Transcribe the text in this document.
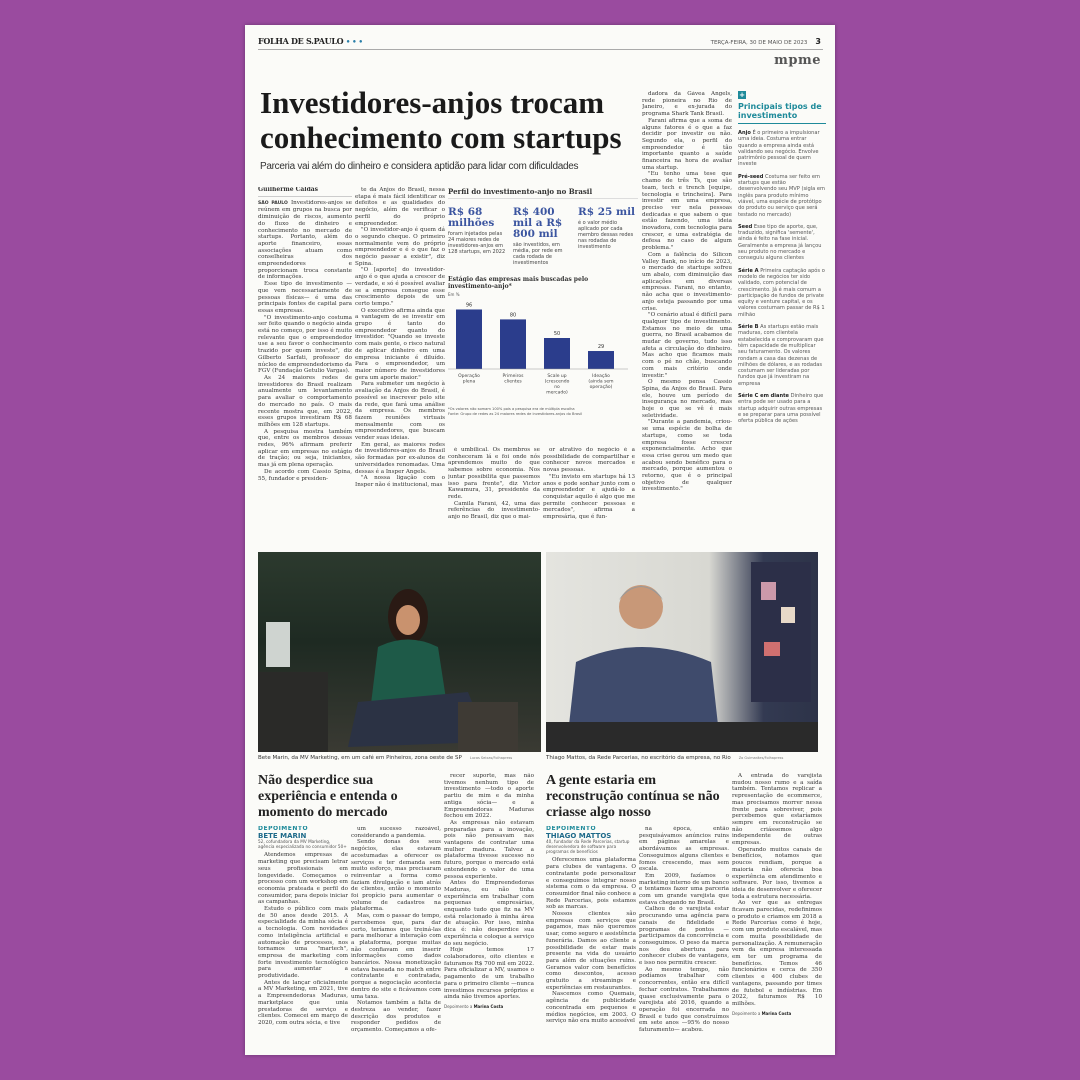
FOLHA DE S.PAULO • • •	TERÇA-FEIRA, 30 DE MAIO DE 2023 3
mpme
Investidores-anjos trocam conhecimento com startups
Parceria vai além do dinheiro e considera aptidão para lidar com dificuldades
Guilherme Caldas

SÃO PAULO Investidores-anjos se reúnem em grupos na busca por diminuição de riscos, aumento do fluxo de dinheiro e conhecimento no mercado de startups. Portanto, além do aporte financeiro, essas associações atuam como conselheiras dos empreendedores e proporcionam troca constante de informações.

Esse tipo de investimento —que vem necessariamente de pessoas físicas— é uma das principais fontes de capital para essas empresas.

"O investimento-anjo costuma ser feito quando o negócio ainda está no começo, por isso é muito relevante que o empreendedor use a seu favor o conhecimento trazido por quem investe", diz Gilberto Sarfati, professor do núcleo de empreendedorismo da FGV (Fundação Getulio Vargas).

As 24 maiores redes de investidores do Brasil realizam anualmente um levantamento para avaliar o comportamento do mercado no país. O mais recente mostra que, em 2022, esses grupos investiram R$ 68 milhões em 128 startups.

A pesquisa mostra também que, entre os membros dessas redes, 96% afirmam preferir aplicar em empresas no estágio de tração; ou seja, iniciantes, mas já em plena operação.

De acordo com Cassio Spina, 55, fundador e presiden-

te da Anjos do Brasil, nessa etapa é mais fácil identificar os defeitos e as qualidades do negócio, além de verificar o perfil do próprio empreendedor.

"O investidor-anjo é quem dá o segundo cheque. O primeiro normalmente vem do próprio empreendedor e é o que faz o negócio passar a existir", diz Spina.

"O [aporte] do investidor-anjo é o que ajuda a crescer de verdade, e só é possível avaliar se a empresa consegue esse crescimento depois de um certo tempo."

O executivo afirma ainda que a vantagem de se investir em grupo é tanto do empreendedor quanto do investidor. "Quando se investe com mais gente, o risco natural de aplicar dinheiro em uma empresa iniciante é diluído. Para o empreendedor, um maior número de investidores gera um aporte maior."

Para submeter um negócio à avaliação da Anjos do Brasil, é possível se inscrever pelo site da rede, que fará uma análise da empresa. Os membros fazem reuniões virtuais mensalmente com os empreendedores, que buscam vender suas ideias.

Em geral, as maiores redes de investidores-anjos do Brasil são formadas por ex-alunos de universidades renomadas. Uma dessas é a Insper Angels.

"A nossa ligação com o Insper não é institucional, mas

Perfil do investimento-anjo no Brasil
R$ 68 milhões
foram injetados pelas 24 maiores redes de investidores-anjos em 128 startups, em 2022
R$ 400 mil a R$ 800 mil
são investidos, em média, por rede em cada rodada de investimentos
R$ 25 mil
é o valor médio aplicado por cada membro dessas redes nas rodadas de investimento
Estágio das empresas mais buscadas pelo investimento-anjo*
Em %
96
Operação plena
80
Primeiros clientes
50
Scale up (crescendo no mercado)
29
Ideação (ainda sem operação)
*Os valores não somam 100% pois a pesquisa era de múltipla escolha
Fonte: Grupo de redes as 24 maiores redes de investidores-anjos do Brasil

é umbilical. Os membros se conheceram lá e foi onde nós aprendemos muito do que sabemos sobre economia. Nos juntar possibilita que passemos isso para frente", diz Victor Kawamura, 31, presidente da rede.

Camila Farani, 42, uma das referências do investimento-anjo no Brasil, diz que o mai-

or atrativo do negócio é a possibilidade de compartilhar e conhecer novos mercados e novas pessoas.

"Eu invisto em startups há 13 anos e pode sonhar junto com o empreendedor e ajudá-lo a conquistar aquilo é algo que me permite conhecer pessoas e mercados", afirma a empresária, que é fun-

dadora da Gávea Angels, rede pioneira no Rio de Janeiro, e ex-jurada do programa Shark Tank Brasil.

Farani afirma que a soma de alguns fatores é o que a faz decidir por investir ou não. Segundo ela, o perfil do empreendedor é tão importante quanto a saúde financeira na hora de avaliar uma startup.

"Eu tenho uma tese que chamo de três Ts, que são team, tech e trench [equipe, tecnologia e trincheira]. Para investir em uma empresa, preciso ver nela pessoas dedicadas e que sabem o que estão fazendo, uma ideia inovadora, com tecnologia para crescer, e uma estratégia de defesa no caso de algum problema."

Com a falência do Silicon Valley Bank, no início de 2023, o mercado de startups sofreu um abalo, com diminuição das aplicações em diversas empresas. Farani, no entanto, não acha que o investimento-anjo esteja passando por uma crise.

"O cenário atual é difícil para qualquer tipo de investimento. Estamos no meio de uma guerra, no Brasil acabamos de mudar de governo, tudo isso afeta a circulação do dinheiro. Mas acho que ficamos mais com o pé no chão, buscando com mais critério onde investir."

O mesmo pensa Cassio Spina, da Anjos do Brasil. Para ele, houve um período de insegurança no mercado, mas hoje o que se vê é mais seletividade.

"Durante a pandemia, criou-se uma espécie de bolha de startups, como se toda empresa fosse crescer exponencialmente. Acho que essa crise gerou um medo que acabou sendo benéfico para o mercado, porque aumentou o retorno, que é o principal objetivo de qualquer investimento."

+
Principais tipos de investimento
Anjo É o primeiro a impulsionar uma ideia. Costuma entrar quando a empresa ainda está validando seu negócio. Envolve patrimônio pessoal de quem investe
Pré-seed Costuma ser feito em startups que estão desenvolvendo seu MVP (sigla em inglês para produto mínimo viável, uma espécie de protótipo do produto ou serviço que será testado no mercado)
Seed Esse tipo de aporte, que, traduzido, significa 'semente', ainda é feito na fase inicial. Geralmente a empresa já lançou seu produto no mercado e conseguiu alguns clientes
Série A Primeira captação após o modelo de negócios ter sido validado, com potencial de crescimento. Já é mais comum a participação de fundos de private equity e venture capital, e os valores costumam passar de R$ 1 milhão
Série B As startups estão mais maduras, com clientela estabelecida e comprovaram que têm capacidade de multiplicar seu faturamento. Os valores rondam a casa das dezenas de milhões de dólares, e as rodadas costumam ser lideradas por fundos que já investiram na empresa
Série C em diante Dinheiro que entra pode ser usado para a startup adquirir outras empresas e se preparar para uma possível oferta pública de ações
Bete Marin, da MV Marketing, em um café em Pinheiros, zona oeste de SP Lucas Seixas/Folhapress	Thiago Mattos, da Rede Parcerias, no escritório da empresa, no Rio Zo Guimarães/Folhapress
Não desperdice sua experiência e entenda o momento do mercado
DEPOIMENTO
BETE MARIN
52, cofundadora da MV Marketing, agência especializada no consumidor 50+

Atendemos empresas de marketing que precisam letrar seus profissionais em longevidade. Começamos o processo com um workshop em economia prateada e perfil do consumidor, para depois iniciar as campanhas.

Estudo o público com mais de 50 anos desde 2015. A especialidade da minha sócia é a tecnologia. Com novidades como inteligência artificial e automação de processos, nos tornamos uma "martech", empresa de marketing com forte investimento tecnológico para aumentar a produtividade.

Antes de lançar oficialmente a MV Marketing, em 2021, tive a Empreendedoras Maduras, marketplace que unia prestadoras de serviço e clientes. Comecei em março de 2020, com outra sócia, e tive

um sucesso razoável, considerando a pandemia.

Sendo donas dos seus negócios, elas estavam acostumadas a oferecer os serviços e ter demanda sem muito esforço, mas precisaram reinventar a forma como faziam divulgação e iam atrás de clientes, então o momento foi propício para aumentar o volume de cadastros na plataforma.

Mas, com o passar do tempo, percebemos que, para dar certo, teríamos que treiná-las para melhorar a interação com a plataforma, porque muitas não confiavam em inserir informações como dados bancários. Nossa monetização estava baseada no match entre contratante e contratada, porque a negociação acontecia dentro do site e ficávamos com uma taxa.

Notamos também a falta de destreza ao vender, fazer descrição dos produtos e responder pedidos de orçamento. Começamos a ofe-

recer suporte, mas não tivemos nenhum tipo de investimento —todo o aporte partiu de mim e da minha antiga sócia— e a Empreendedoras Maduras fechou em 2022.

As empresas não estavam preparadas para a inovação, pois não pensavam nas vantagens de contratar uma mulher madura. Talvez a plataforma tivesse sucesso no futuro, porque o mercado está entendendo o valor de uma pessoa experiente.

Antes do Empreendedoras Maduras, eu não tinha experiência em trabalhar com pequenas empresárias, enquanto tudo que fiz na MV está relacionado à minha área de atuação. Por isso, minha dica é: não desperdice sua experiência e coloque a serviço do seu negócio.

Hoje temos 17 colaboradores, oito clientes e faturamos R$ 700 mil em 2022. Para oficializar a MV, usamos o pagamento de um trabalho para o primeiro cliente —nunca investimos recursos próprios e ainda não tivemos aportes.

Depoimento a Marina Costa
A gente estaria em reconstrução contínua se não criasse algo nosso
DEPOIMENTO
THIAGO MATTOS
40, fundador da Rede Parcerias, startup desenvolvedora de software para programas de benefícios

Oferecemos uma plataforma para clubes de vantagens. O contratante pode personalizar e conseguimos integrar nosso sistema com o da empresa. O consumidor final não conhece a Rede Parcerias, pois estamos sob as marcas.

Nossos clientes são empresas com serviços que pagamos, mas não queremos usar, como seguro e assistência funerária. Damos ao cliente a possibilidade de estar mais presente na vida do usuário para além de situações ruins. Geramos valor com benefícios como descontos, acesso gratuito a streamings e experiências em restaurantes.

Nascemos como Quemais, agência de publicidade concentrada em pequenos e médios negócios, em 2003. O serviço não era muito acessível

na época, então pesquisávamos anúncios ruins em páginas amarelas e abordávamos as empresas. Conseguimos alguns clientes e fomos crescendo, mas sem escala.

Em 2009, fazíamos o marketing interno de um banco e tentamos fazer uma parceria com um grande varejista que estava chegando no Brasil.

Calhou de o varejista estar procurando uma agência para canais de fidelidade e programas de pontos —participamos da concorrência e conseguimos. O peso da marca nos deu abertura para conhecer clubes de vantagens, e isso nos permitiu crescer.

Ao mesmo tempo, não podíamos trabalhar com concorrentes, então era difícil fechar contratos. Trabalhamos quase exclusivamente para o varejista até 2016, quando a operação foi encerrada no Brasil e tudo que construímos em sete anos —95% do nosso faturamento— acabou.

A entrada do varejista mudou nosso rumo e a saída também. Tentamos replicar a representação de ecommerce, mas precisamos morrer nessa frente para sobreviver, pois percebemos que estaríamos sempre em reconstrução se não criássemos algo independente de outras empresas.

Operando muitos canais de benefícios, notamos que poucos rendiam, porque a maioria não oferecia boa experiência em atendimento e software. Por isso, tivemos a ideia de desenvolver e oferecer toda a estrutura necessária.

Ao ver que as entregas ficavam parecidas, redefinimos o produto e criamos em 2018 a Rede Parcerias como é hoje, com um produto escalável, mas com muita possibilidade de personalização. A remuneração vem da empresa interessada em ter um programa de benefícios. Temos 46 funcionários e cerca de 350 clientes e 400 clubes de vantagens, passando por times de futebol e indústrias. Em 2022, faturamos R$ 10 milhões.

Depoimento a Marina Costa
